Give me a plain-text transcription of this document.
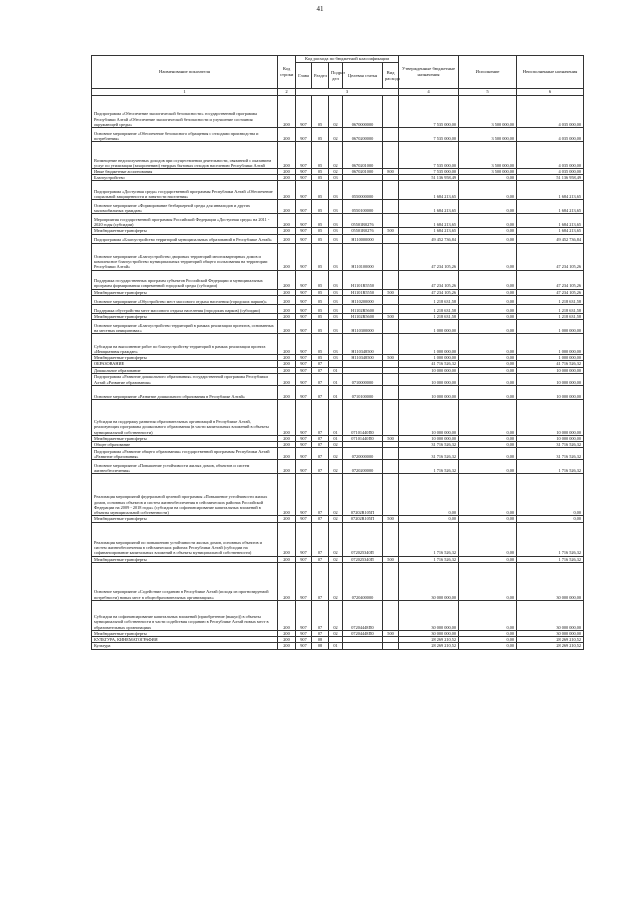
41
Наименование показателя	Код строки	Код расхода по бюджетной классификации					Утвержденные бюджетные назначения	Исполнение	Неисполненные назначения
		Глава	Раздел	Подраз дел	Целевая статья	Вид расхода			
1	2	3					4	5	6
Подпрограмма «Обеспечение экологической безопасности» государственной программы Республики Алтай «Обеспечение экологической безопасности и улучшение состояния окружающей среды»	200	907	05	02	0670000000		7 535 000,00	3 500 000,00	4 035 000,00
Основное мероприятие «Обеспечение безопасного обращения с отходами производства и потребления»	200	907	05	02	0670200000		7 535 000,00	3 500 000,00	4 035 000,00
Возмещение недополученных доходов при осуществлении деятельности, связанной с оказанием услуг по утилизации (захоронению) твердых бытовых отходов населению Республики Алтай	200	907	05	02	0670201000		7 535 000,00	3 500 000,00	4 035 000,00
Иные бюджетные ассигнования	200	907	05	02	0670201000	800	7 535 000,00	3 500 000,00	4 035 000,00
Благоустройство	200	907	05	03			51 136 958,49	0,00	51 136 958,49
Подпрограмма «Доступная среда» государственной программы Республики Алтай «Обеспечение социальной защищенности и занятости населения»	200	907	05	03	0550000000		1 684 213,65	0,00	1 684 213,65
Основное мероприятие «Формирование безбарьерной среды для инвалидов и других маломобильных граждан»	200	907	05	03	0550100000		1 684 213,65	0,00	1 684 213,65
Мероприятия государственной программы Российской Федерации «Доступная среда» на 2011 - 2020 годы (субсидии)	200	907	05	03	05501R0276		1 684 213,65	0,00	1 684 213,65
Межбюджетные трансферты	200	907	05	03	05501R0276	500	1 684 213,65	0,00	1 684 213,65
Подпрограмма «Благоустройство территорий муниципальных образований в Республике Алтай»	200	907	05	03	H110000000		49 452 736,84	0,00	49 452 736,84
Основное мероприятие «Благоустройство дворовых территорий многоквартирных домов и комплексное благоустройство муниципальных территорий общего пользования на территории Республики Алтай»	200	907	05	03	H110100000		47 234 105,26	0,00	47 234 105,26
Поддержка государственных программ субъектов Российской Федерации и муниципальных программ формирования современной городской среды (субсидии)	200	907	05	03	H1101R5550		47 234 105,26	0,00	47 234 105,26
Межбюджетные трансферты	200	907	05	03	H1101R5550	500	47 234 105,26	0,00	47 234 105,26
Основное мероприятие «Обустройство мест массового отдыха населения (городских парков)»	200	907	05	03	H110200000		1 218 631,58	0,00	1 218 631,58
Поддержка обустройства мест массового отдыха населения (городских парков) (субсидии)	200	907	05	03	H1102R5600		1 218 631,58	0,00	1 218 631,58
Межбюджетные трансферты	200	907	05	03	H1102R5600	500	1 218 631,58	0,00	1 218 631,58
Основное мероприятие «Благоустройство территорий в рамках реализации проектов, основанных на местных инициативах»	200	907	05	03	H110300000		1 000 000,00	0,00	1 000 000,00
Субсидии на выполнение работ по благоустройству территорий в рамках реализации проекта «Инициативы граждан»	200	907	05	03	H110348500		1 000 000,00	0,00	1 000 000,00
Межбюджетные трансферты	200	907	05	03	H110348500	500	1 000 000,00	0,00	1 000 000,00
ОБРАЗОВАНИЕ	200	907	07				41 716 526,32	0,00	41 716 526,32
Дошкольное образование	200	907	07	01			10 000 000,00	0,00	10 000 000,00
Подпрограмма «Развитие дошкольного образования» государственной программы Республики Алтай «Развитие образования»	200	907	07	01	0710000000		10 000 000,00	0,00	10 000 000,00
Основное мероприятие «Развитие дошкольного образования в Республике Алтай»	200	907	07	01	0710100000		10 000 000,00	0,00	10 000 000,00
Субсидии на поддержку развития образовательных организаций в Республике Алтай, реализующих программы дошкольного образования (в части капитальных вложений в объекты муниципальной собственности)	200	907	07	01	07101440П0		10 000 000,00	0,00	10 000 000,00
Межбюджетные трансферты	200	907	07	01	07101440П0	500	10 000 000,00	0,00	10 000 000,00
Общее образование	200	907	07	02			31 716 526,32	0,00	31 716 526,32
Подпрограмма «Развитие общего образования» государственной программы Республики Алтай «Развитие образования»	200	907	07	02	0720000000		31 716 526,32	0,00	31 716 526,32
Основное мероприятие «Повышение устойчивости жилых домов, объектов и систем жизнеобеспечения»	200	907	07	02	0720200000		1 716 526,32	0,00	1 716 526,32
Реализация мероприятий федеральной целевой программы «Повышение устойчивости жилых домов, основных объектов и систем жизнеобеспечения в сейсмических районах Российской Федерации на 2009 - 2018 годы» (субсидии на софинансирование капитальных вложений в объекты муниципальной собственности)	200	907	07	02	07202R105П		0,00	0,00	0,00
Межбюджетные трансферты	200	907	07	02	07202R105П	500	0,00	0,00	0,00
Реализация мероприятий по повышению устойчивости жилых домов, основных объектов и систем жизнеобеспечения в сейсмических районах Республики Алтай (субсидии на софинансирование капитальных вложений в объекты муниципальной собственности)	200	907	07	02	072025340П		1 716 526,32	0,00	1 716 526,32
Межбюджетные трансферты	200	907	07	02	072025340П	500	1 716 526,32	0,00	1 716 526,32
Основное мероприятие «Содействие созданию в Республике Алтай (исходя из прогнозируемой потребности) новых мест в общеобразовательных организациях»	200	907	07	02	0720400000		30 000 000,00	0,00	30 000 000,00
Субсидии на софинансирование капитальных вложений (приобретение (выкуп)) в объекты муниципальной собственности в части содействия созданию в Республике Алтай новых мест в образовательных организациях	200	907	07	02	07204448П0		30 000 000,00	0,00	30 000 000,00
Межбюджетные трансферты	200	907	07	02	07204448П0	500	30 000 000,00	0,00	30 000 000,00
КУЛЬТУРА, КИНЕМАТОГРАФИЯ	200	907	08				28 269 210,52	0,00	28 269 210,52
Культура	200	907	08	01			28 269 210,52	0,00	28 269 210,52
